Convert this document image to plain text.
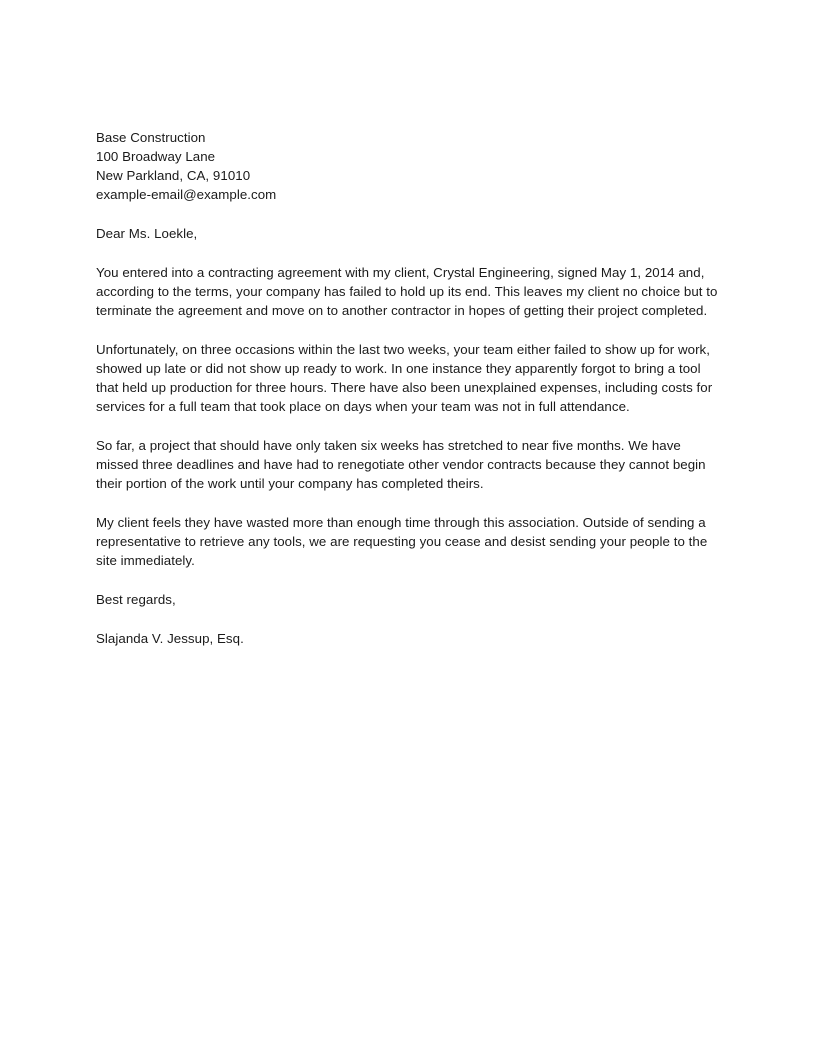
Base Construction
100 Broadway Lane
New Parkland, CA, 91010
example-email@example.com
Dear Ms. Loekle,
You entered into a contracting agreement with my client, Crystal Engineering, signed May 1, 2014 and,
according to the terms, your company has failed to hold up its end. This leaves my client no choice but to
terminate the agreement and move on to another contractor in hopes of getting their project completed.
Unfortunately, on three occasions within the last two weeks, your team either failed to show up for work,
showed up late or did not show up ready to work. In one instance they apparently forgot to bring a tool
that held up production for three hours. There have also been unexplained expenses, including costs for
services for a full team that took place on days when your team was not in full attendance.
So far, a project that should have only taken six weeks has stretched to near five months. We have
missed three deadlines and have had to renegotiate other vendor contracts because they cannot begin
their portion of the work until your company has completed theirs.
My client feels they have wasted more than enough time through this association. Outside of sending a
representative to retrieve any tools, we are requesting you cease and desist sending your people to the
site immediately.
Best regards,
Slajanda V. Jessup, Esq.
